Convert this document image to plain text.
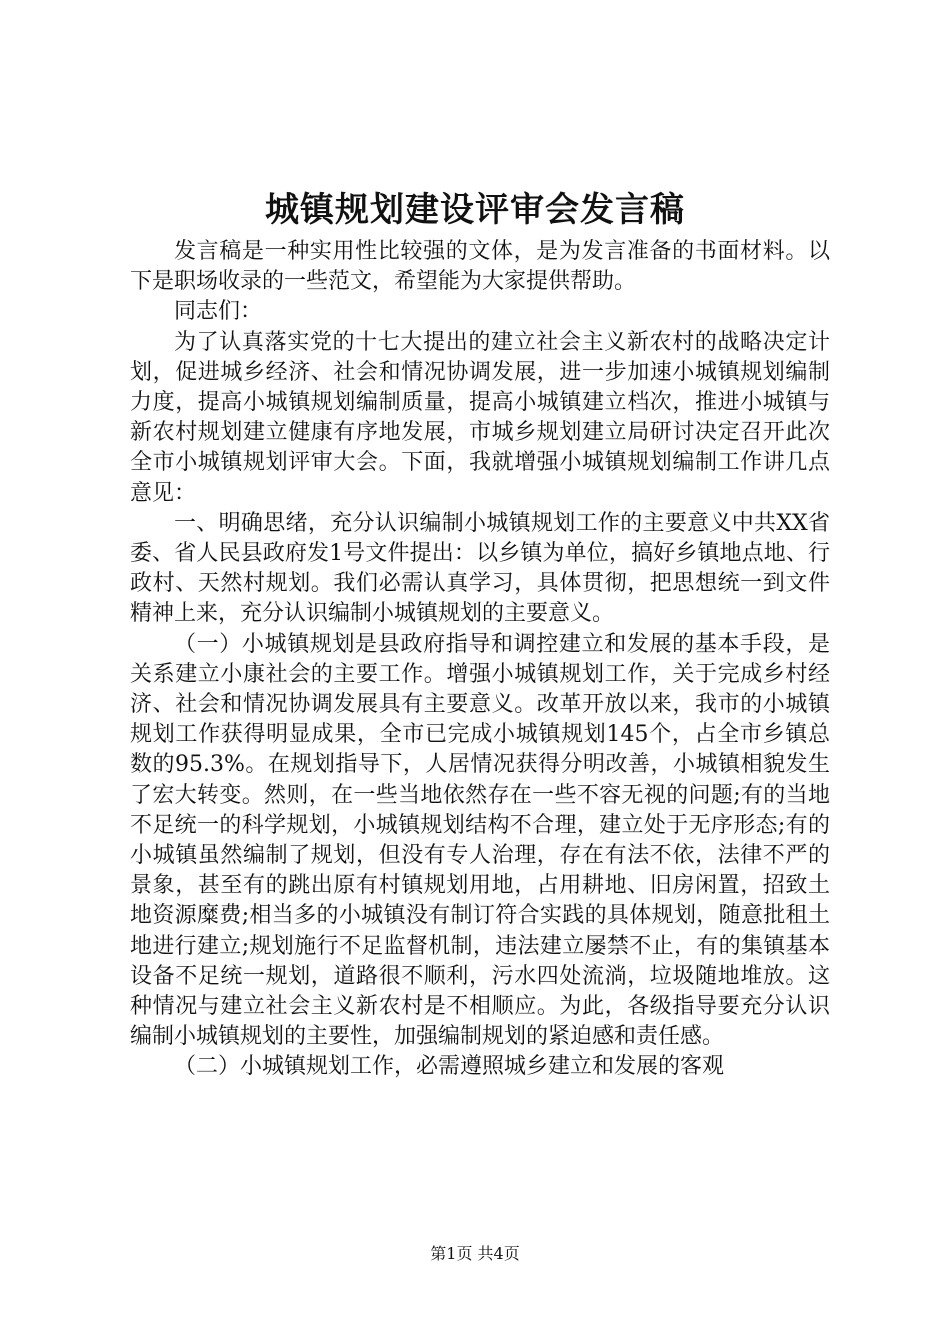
城镇规划建设评审会发言稿

发言稿是一种实用性比较强的文体，是为发言准备的书面材料。以下是职场收录的一些范文，希望能为大家提供帮助。

同志们：

为了认真落实党的十七大提出的建立社会主义新农村的战略决定计划，促进城乡经济、社会和情况协调发展，进一步加速小城镇规划编制力度，提高小城镇规划编制质量，提高小城镇建立档次，推进小城镇与新农村规划建立健康有序地发展，市城乡规划建立局研讨决定召开此次全市小城镇规划评审大会。下面，我就增强小城镇规划编制工作讲几点意见：

一、明确思绪，充分认识编制小城镇规划工作的主要意义中共XX省委、省人民县政府发1号文件提出：以乡镇为单位，搞好乡镇地点地、行政村、天然村规划。我们必需认真学习，具体贯彻，把思想统一到文件精神上来，充分认识编制小城镇规划的主要意义。

（一）小城镇规划是县政府指导和调控建立和发展的基本手段，是关系建立小康社会的主要工作。增强小城镇规划工作，关于完成乡村经济、社会和情况协调发展具有主要意义。改革开放以来，我市的小城镇规划工作获得明显成果，全市已完成小城镇规划145个，占全市乡镇总数的95.3%。在规划指导下，人居情况获得分明改善，小城镇相貌发生了宏大转变。然则，在一些当地依然存在一些不容无视的问题;有的当地不足统一的科学规划，小城镇规划结构不合理，建立处于无序形态;有的小城镇虽然编制了规划，但没有专人治理，存在有法不依，法律不严的景象，甚至有的跳出原有村镇规划用地，占用耕地、旧房闲置，招致土地资源糜费;相当多的小城镇没有制订符合实践的具体规划，随意批租土地进行建立;规划施行不足监督机制，违法建立屡禁不止，有的集镇基本设备不足统一规划，道路很不顺利，污水四处流淌，垃圾随地堆放。这种情况与建立社会主义新农村是不相顺应。为此，各级指导要充分认识编制小城镇规划的主要性，加强编制规划的紧迫感和责任感。

（二）小城镇规划工作，必需遵照城乡建立和发展的客观

第1页 共4页
